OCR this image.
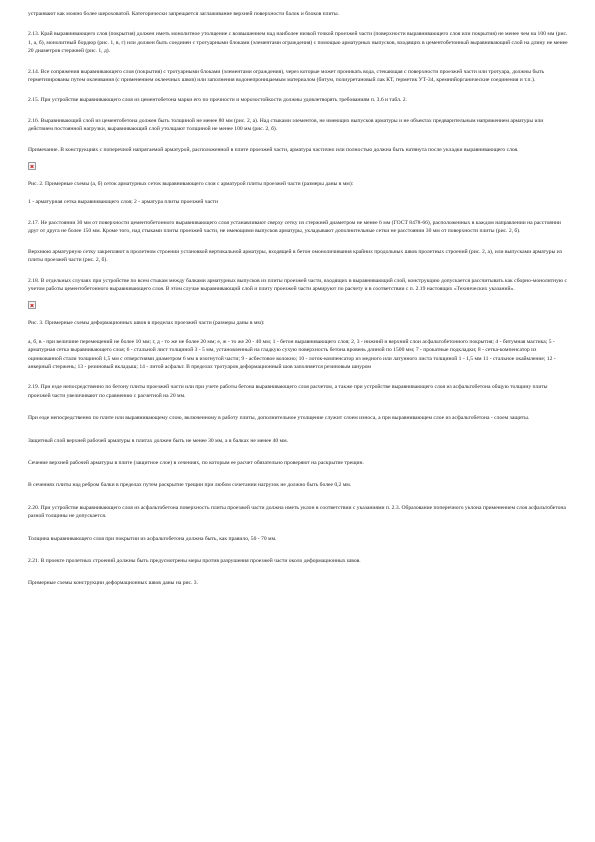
устраивают как можно более шероховатой. Категорически запрещается заглаживание верхней поверхности балок и блоков плиты.

2.13. Край выравнивающего слоя (покрытия) должен иметь монолитное утолщение с возвышением над наиболее низкой точкой проезжей части (поверхности выравнивающего слоя или покрытия) не менее чем на 100 мм (рис. 1, а, б), монолитный бордюр (рис. 1, в, г) или должен быть соединен с тротуарными блоками (элементами ограждения) с помощью арматурных выпусков, входящих в цементобетонный выравнивающий слой на длину не менее 20 диаметров стержней (рис. 1, д).

2.14. Все сопряжения выравнивающего слоя (покрытия) с тротуарными блоками (элементами ограждения), через которые может проникать вода, стекающая с поверхности проезжей части или тротуара, должны быть герметизированы путем оклеивания (с применением оклеечных швов) или заполнения водонепроницаемым материалом (битум, полиуретановый лак КТ, герметик УТ-34, кремнийорганические соединения и т.п.).

2.15. При устройстве выравнивающего слоя из цементобетона марки его по прочности и морозостойкости должны удовлетворять требованиям п. 3.6 и табл. 2.

2.16. Выравнивающий слой из цементобетона должен быть толщиной не менее 80 мм (рис. 2, а). Над стыками элементов, не имеющих выпусков арматуры и не объектах предварительным напряжением арматуры или действием постоянной нагрузки, выравнивающий слой утолщают толщиной не менее 100 мм (рис. 2, б).

Примечание. В конструкциях с поперечной напрягаемой арматурой, расположенной в плите проезжей части, арматура частично или полностью должна быть натянута после укладки выравнивающего слоя.

Рис. 2. Примерные схемы (а, б) сеток арматурных сеток выравнивающего слоя с арматурой плиты проезжей части (размеры даны в мм):

1 - арматурная сетка выравнивающего слоя; 2 - арматура плиты проезжей части

2.17. Не расстоянии 30 мм от поверхности цементобетонного выравнивающего слоя устанавливают сверху сетку из стержней диаметром не менее 6 мм (ГОСТ 8478-66), расположенных в каждом направлении на расстоянии друг от друга не более 150 мм. Кроме того, над стыками плиты проезжей части, не имеющими выпусков арматуры, укладывают дополнительные сетки не расстоянии 30 мм от поверхности плиты (рис. 2, б).

Верхнюю арматурную сетку закрепляют в пролетном строении установкой вертикальной арматуры, входящей в бетон омоноличивания крайних продольных швов пролетных строений (рис. 2, а), или выпусками арматуры из плиты проезжей части (рис. 2, б).

2.18. В отдельных случаях при устройстве по всем стыкам между балками арматурных выпусков из плиты проезжей части, входящих в выравнивающий слой, конструкцию допускается рассчитывать как сборно-монолитную с учетом работы цементобетонного выравнивающего слоя. В этом случае выравнивающий слой и плиту проезжей части армируют по расчету и в соответствии с п. 2.19 настоящих «Технических указаний».

Рис. 3. Примерные схемы деформационных швов в пределах проезжей части (размеры даны в мм):

а, б, в - при величине перемещений не более 10 мм; г, д - то же не более 20 мм; е, ж - то же 20 - 40 мм; 1 - бетон выравнивающего слоя; 2, 3 - нижний и верхний слои асфальтобетонного покрытия; 4 - битумная мастика; 5 - арматурная сетка выравнивающего слоя; 6 - стальной лист толщиной 3 - 5 мм, установленный на гладкую сухую поверхность бетона вровень длиной по 1500 мм; 7 - прокатные подкладки; 8 - сетка-компенсатор из оцинкованной стали толщиной 1,5 мм с отверстиями диаметром 6 мм в изогнутой части; 9 - асбестовое волокно; 10 - лоток-компенсатор из медного или латунного листа толщиной 1 - 1,5 мм 11 - стальное окаймление; 12 - анкерный стержень; 13 - резиновый вкладыш; 14 - литой асфальт. В пределах тротуаров деформационный шов заполняется резиновым шнуром

2.19. При езде непосредственно по бетону плиты проезжей части или при учете работы бетона выравнивающего слоя расчетом, а также при устройстве выравнивающего слоя из асфальтобетона общую толщину плиты проезжей части увеличивают по сравнению с расчетной на 20 мм.

При езде непосредственно по плите или выравнивающему слою, включенному в работу плиты, дополнительное утолщение служит слоем износа, а при выравнивающем слое из асфальтобетона - слоем защиты.

Защитный слой верхней рабочей арматуры в плитах должен быть не менее 30 мм, а в балках не менее 40 мм.

Сечение верхней рабочей арматуры в плите (защитное слое) в сечениях, по которым ее расчет обязательно проверяют на раскрытие трещин.

В сечениях плиты над ребром балки в пределах путем раскрытие трещин при любом сочетании нагрузок не должно быть более 0,2 мм.

2.20. При устройстве выравнивающего слоя из асфальтобетона поверхность плиты проезжей части должна иметь уклон в соответствии с указаниями п. 2.3. Образование поперечного уклона применением слоя асфальтобетона разной толщины не допускается.

Толщина выравнивающего слоя при покрытии из асфальтобетона должна быть, как правило, 50 - 70 мм.

2.21. В проекте пролетных строений должны быть предусмотрены меры против разрушения проезжей части около деформационных швов.

Примерные схемы конструкции деформационных швов даны на рис. 3.
